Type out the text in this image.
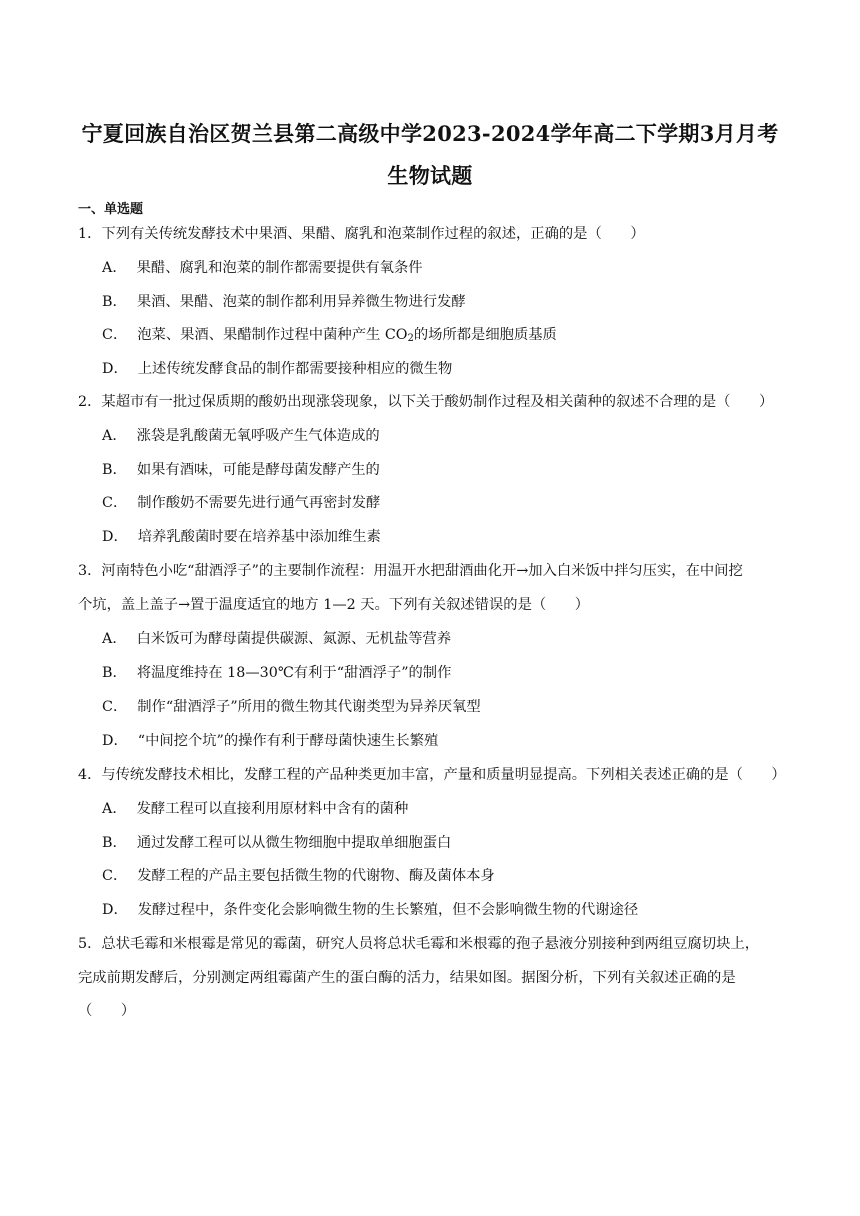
宁夏回族自治区贺兰县第二高级中学2023-2024学年高二下学期3月月考
生物试题
一、单选题
1．下列有关传统发酵技术中果酒、果醋、腐乳和泡菜制作过程的叙述，正确的是（　　）
A． 果醋、腐乳和泡菜的制作都需要提供有氧条件
B． 果酒、果醋、泡菜的制作都利用异养微生物进行发酵
C． 泡菜、果酒、果醋制作过程中菌种产生 $CO_2$的场所都是细胞质基质
D． 上述传统发酵食品的制作都需要接种相应的微生物
2．某超市有一批过保质期的酸奶出现涨袋现象，以下关于酸奶制作过程及相关菌种的叙述不合理的是（　　）
A． 涨袋是乳酸菌无氧呼吸产生气体造成的
B． 如果有酒味，可能是酵母菌发酵产生的
C． 制作酸奶不需要先进行通气再密封发酵
D． 培养乳酸菌时要在培养基中添加维生素
3．河南特色小吃“甜酒浮子”的主要制作流程：用温开水把甜酒曲化开→加入白米饭中拌匀压实，在中间挖
个坑，盖上盖子→置于温度适宜的地方 1—2 天。下列有关叙述错误的是（　　）
A． 白米饭可为酵母菌提供碳源、氮源、无机盐等营养
B． 将温度维持在 18—30℃有利于“甜酒浮子”的制作
C． 制作“甜酒浮子”所用的微生物其代谢类型为异养厌氧型
D． “中间挖个坑”的操作有利于酵母菌快速生长繁殖
4．与传统发酵技术相比，发酵工程的产品种类更加丰富，产量和质量明显提高。下列相关表述正确的是（　　）
A． 发酵工程可以直接利用原材料中含有的菌种
B． 通过发酵工程可以从微生物细胞中提取单细胞蛋白
C． 发酵工程的产品主要包括微生物的代谢物、酶及菌体本身
D． 发酵过程中，条件变化会影响微生物的生长繁殖，但不会影响微生物的代谢途径
5．总状毛霉和米根霉是常见的霉菌，研究人员将总状毛霉和米根霉的孢子悬液分别接种到两组豆腐切块上，
完成前期发酵后，分别测定两组霉菌产生的蛋白酶的活力，结果如图。据图分析，下列有关叙述正确的是
（　　）
